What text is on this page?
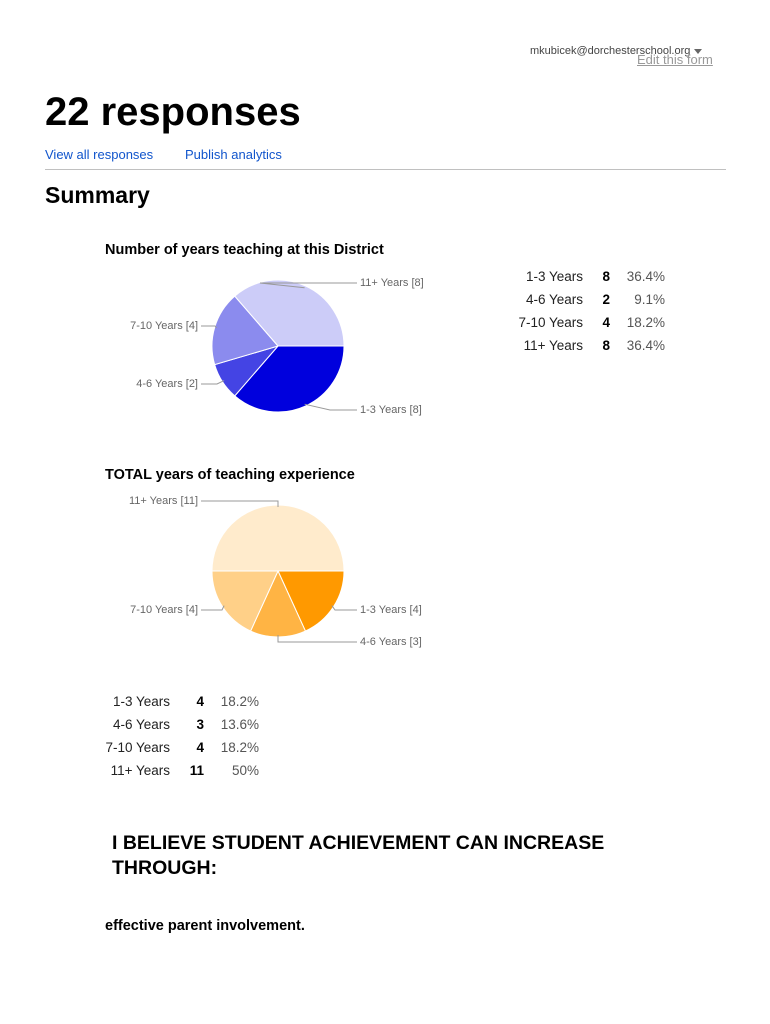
mkubicek@dorchesterschool.org
Edit this form
22 responses
View all responses Publish analytics
Summary
Number of years teaching at this District
1-3 Years [8]
4-6 Years [2]
7-10 Years [4]
11+ Years [8]	1-3 Years	8	36.4%
4-6 Years	2	9.1%
7-10 Years	4	18.2%
11+ Years	8	36.4%
TOTAL years of teaching experience
1-3 Years [4]
4-6 Years [3]
7-10 Years [4]
11+ Years [11]
1-3 Years	4	18.2%
4-6 Years	3	13.6%
7-10 Years	4	18.2%
11+ Years	11	50%
I BELIEVE STUDENT ACHIEVEMENT CAN INCREASE THROUGH:
effective parent involvement.
